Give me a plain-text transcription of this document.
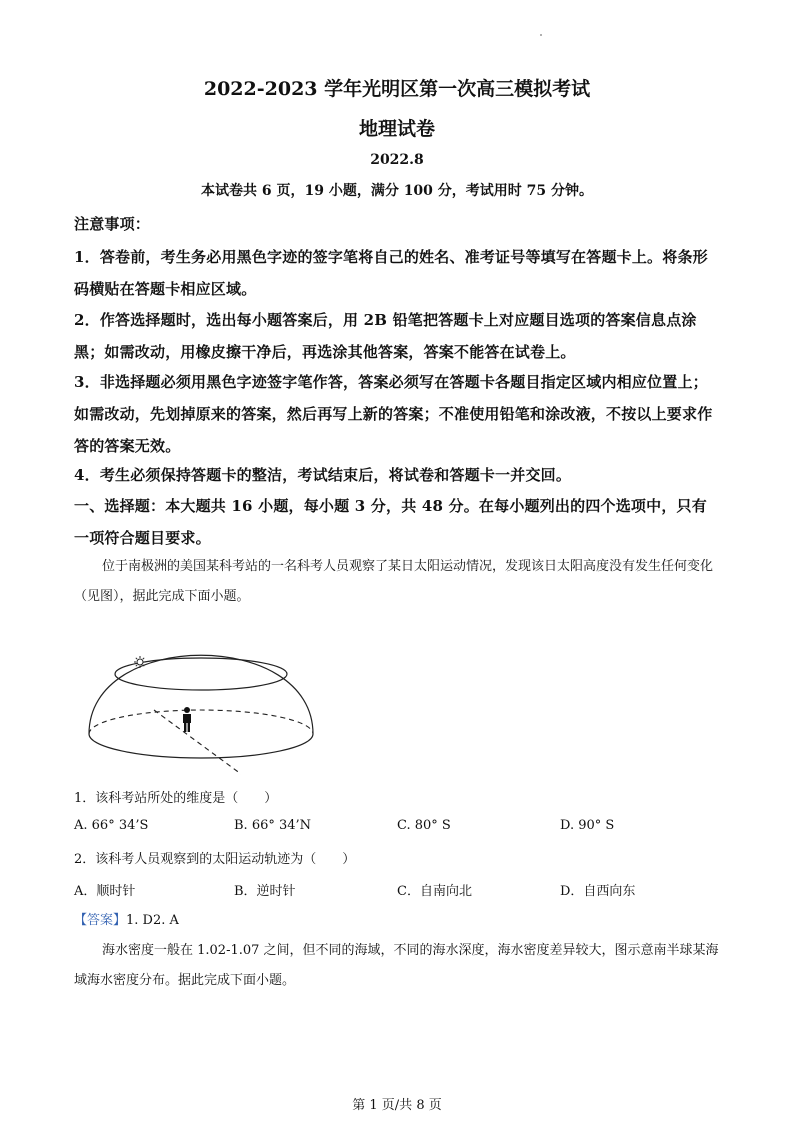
2022-2023 学年光明区第一次高三模拟考试
地理试卷
2022.8
本试卷共 6 页，19 小题，满分 100 分，考试用时 75 分钟。
注意事项：
1．答卷前，考生务必用黑色字迹的签字笔将自己的姓名、准考证号等填写在答题卡上。将条形码横贴在答题卡相应区域。
2．作答选择题时，选出每小题答案后，用 2B 铅笔把答题卡上对应题目选项的答案信息点涂黑；如需改动，用橡皮擦干净后，再选涂其他答案，答案不能答在试卷上。
3．非选择题必须用黑色字迹签字笔作答，答案必须写在答题卡各题目指定区域内相应位置上；如需改动，先划掉原来的答案，然后再写上新的答案；不准使用铅笔和涂改液，不按以上要求作答的答案无效。
4．考生必须保持答题卡的整洁，考试结束后，将试卷和答题卡一并交回。
一、选择题：本大题共 16 小题，每小题 3 分，共 48 分。在每小题列出的四个选项中，只有一项符合题目要求。
位于南极洲的美国某科考站的一名科考人员观察了某日太阳运动情况，发现该日太阳高度没有发生任何变化（见图），据此完成下面小题。
1．该科考站所处的维度是（　　）
A. 66° 34’S	B. 66° 34’N	C. 80° S	D. 90° S
2．该科考人员观察到的太阳运动轨迹为（　　）
A．顺时针	B．逆时针	C．自南向北	D．自西向东
【答案】1. D2. A
海水密度一般在 1.02-1.07 之间，但不同的海域，不同的海水深度，海水密度差异较大，图示意南半球某海域海水密度分布。据此完成下面小题。
第 1 页/共 8 页
